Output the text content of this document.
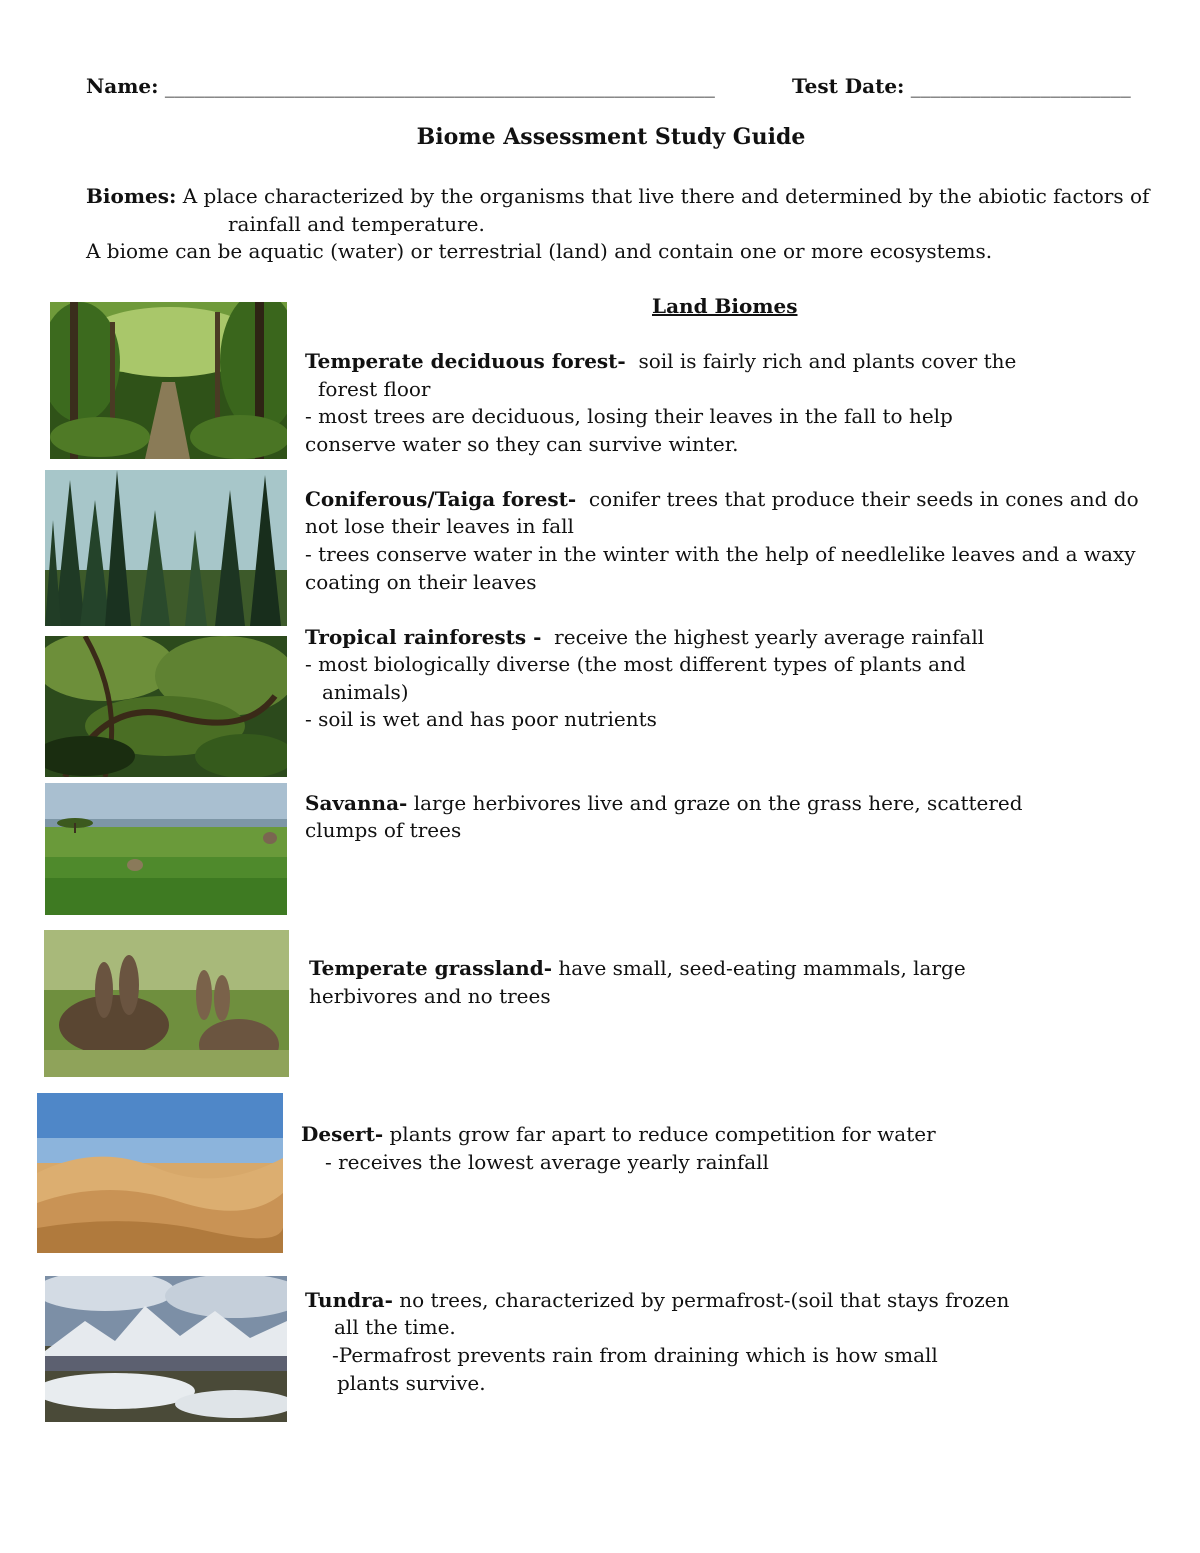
Name: _______________________________________________________	Test Date: ______________________
Biome Assessment Study Guide
Biomes: A place characterized by the organisms that live there and determined by the abiotic factors of
rainfall and temperature.
A biome can be aquatic (water) or terrestrial (land) and contain one or more ecosystems.
Land Biomes
Temperate deciduous forest- soil is fairly rich and plants cover the
forest floor
- most trees are deciduous, losing their leaves in the fall to help
conserve water so they can survive winter.
Coniferous/Taiga forest- conifer trees that produce their seeds in cones and do
not lose their leaves in fall
- trees conserve water in the winter with the help of needlelike leaves and a waxy
coating on their leaves
Tropical rainforests - receive the highest yearly average rainfall
- most biologically diverse (the most different types of plants and
animals)
- soil is wet and has poor nutrients
Savanna- large herbivores live and graze on the grass here, scattered
clumps of trees
Temperate grassland- have small, seed-eating mammals, large
herbivores and no trees
Desert- plants grow far apart to reduce competition for water
- receives the lowest average yearly rainfall
Tundra- no trees, characterized by permafrost-(soil that stays frozen
all the time.
-Permafrost prevents rain from draining which is how small
plants survive.
